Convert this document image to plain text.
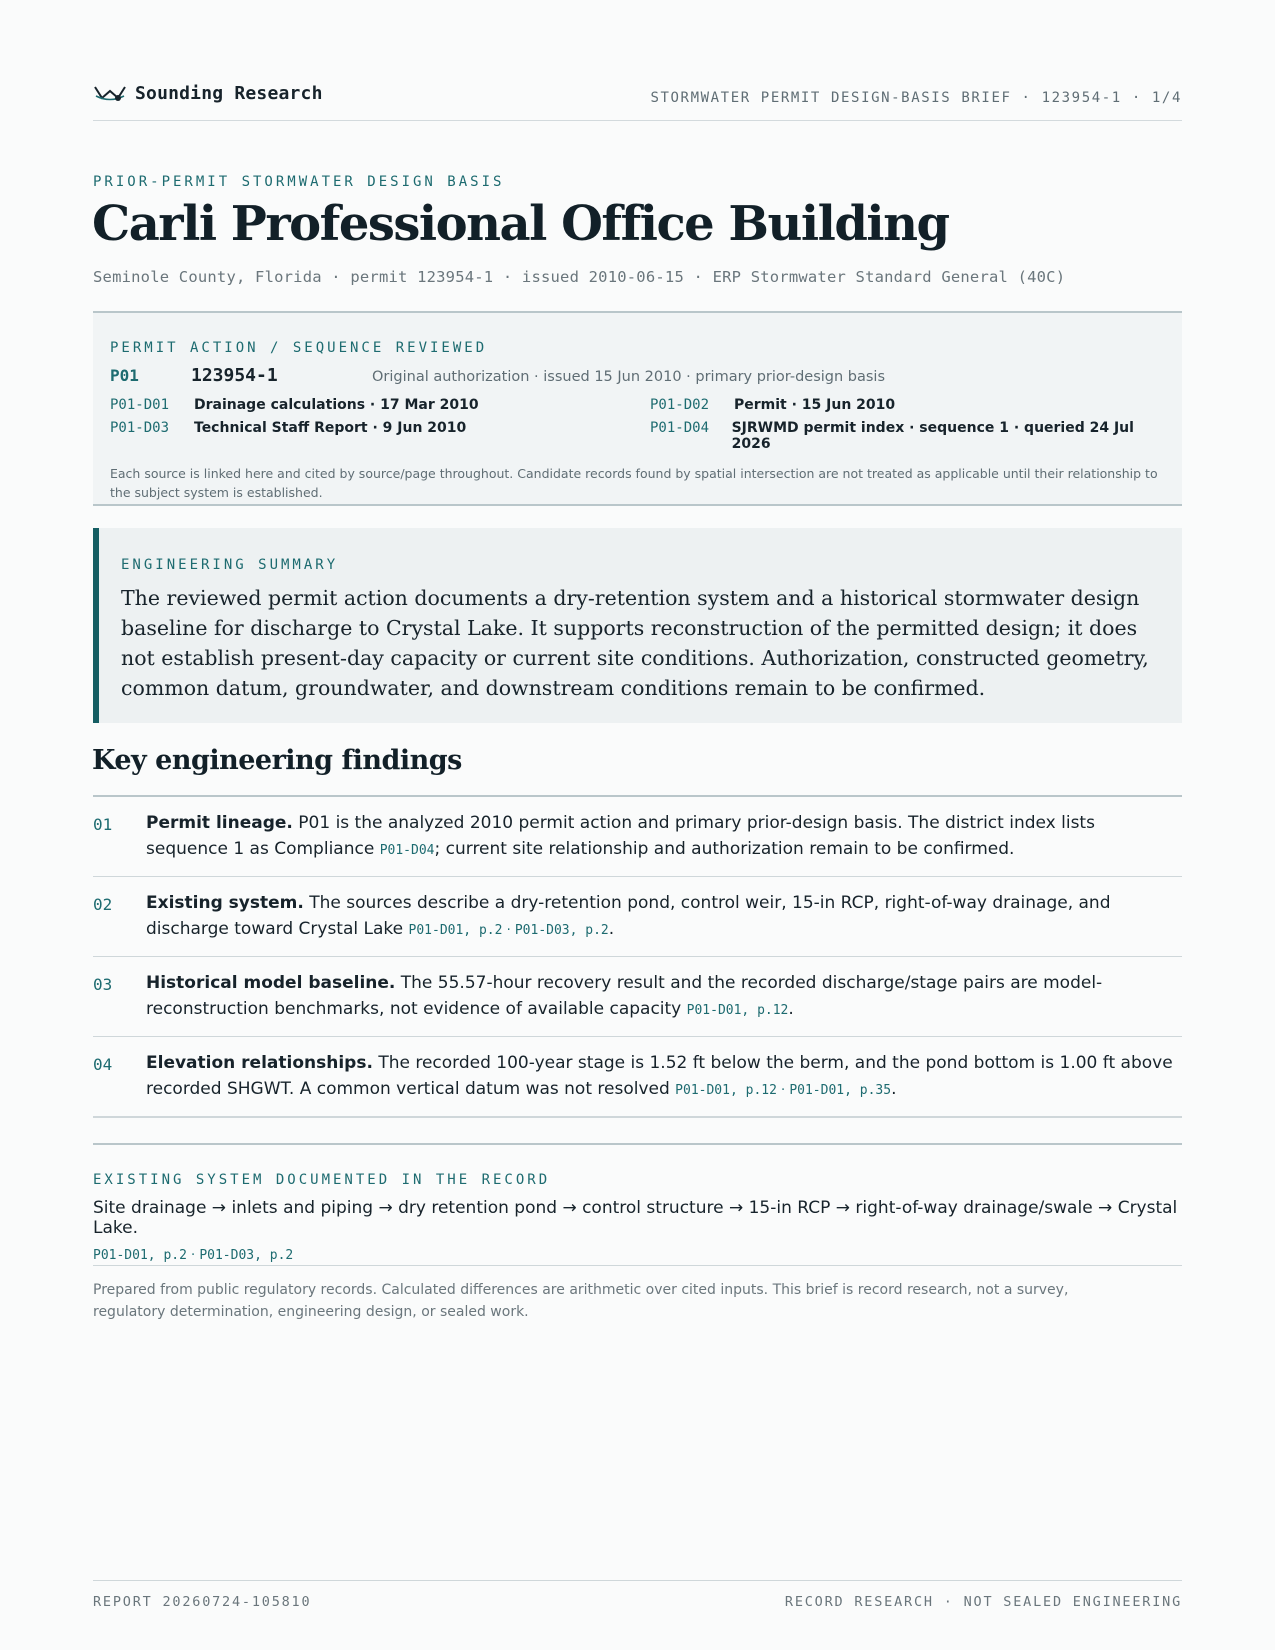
Sounding Research	STORMWATER PERMIT DESIGN-BASIS BRIEF · 123954-1 · 1/4
PRIOR-PERMIT STORMWATER DESIGN BASIS
Carli Professional Office Building
Seminole County, Florida · permit 123954-1 · issued 2010-06-15 · ERP Stormwater Standard General (40C)
PERMIT ACTION / SEQUENCE REVIEWED
P01	123954-1	Original authorization · issued 15 Jun 2010 · primary prior-design basis
P01-D01	Drainage calculations · 17 Mar 2010	P01-D02	Permit · 15 Jun 2010
P01-D03	Technical Staff Report · 9 Jun 2010	P01-D04	SJRWMD permit index · sequence 1 · queried 24 Jul 2026
Each source is linked here and cited by source/page throughout. Candidate records found by spatial intersection are not treated as applicable until their relationship to the subject system is established.
ENGINEERING SUMMARY
The reviewed permit action documents a dry-retention system and a historical stormwater design baseline for discharge to Crystal Lake. It supports reconstruction of the permitted design; it does not establish present-day capacity or current site conditions. Authorization, constructed geometry, common datum, groundwater, and downstream conditions remain to be confirmed.
Key engineering findings
01	Permit lineage. P01 is the analyzed 2010 permit action and primary prior-design basis. The district index lists sequence 1 as Compliance P01-D04; current site relationship and authorization remain to be confirmed.
02	Existing system. The sources describe a dry-retention pond, control weir, 15-in RCP, right-of-way drainage, and discharge toward Crystal Lake P01-D01, p.2 · P01-D03, p.2.
03	Historical model baseline. The 55.57-hour recovery result and the recorded discharge/stage pairs are model-reconstruction benchmarks, not evidence of available capacity P01-D01, p.12.
04	Elevation relationships. The recorded 100-year stage is 1.52 ft below the berm, and the pond bottom is 1.00 ft above recorded SHGWT. A common vertical datum was not resolved P01-D01, p.12 · P01-D01, p.35.
EXISTING SYSTEM DOCUMENTED IN THE RECORD
Site drainage → inlets and piping → dry retention pond → control structure → 15-in RCP → right-of-way drainage/swale → Crystal Lake.
P01-D01, p.2 · P01-D03, p.2
Prepared from public regulatory records. Calculated differences are arithmetic over cited inputs. This brief is record research, not a survey, regulatory determination, engineering design, or sealed work.
REPORT 20260724-105810	RECORD RESEARCH · NOT SEALED ENGINEERING
